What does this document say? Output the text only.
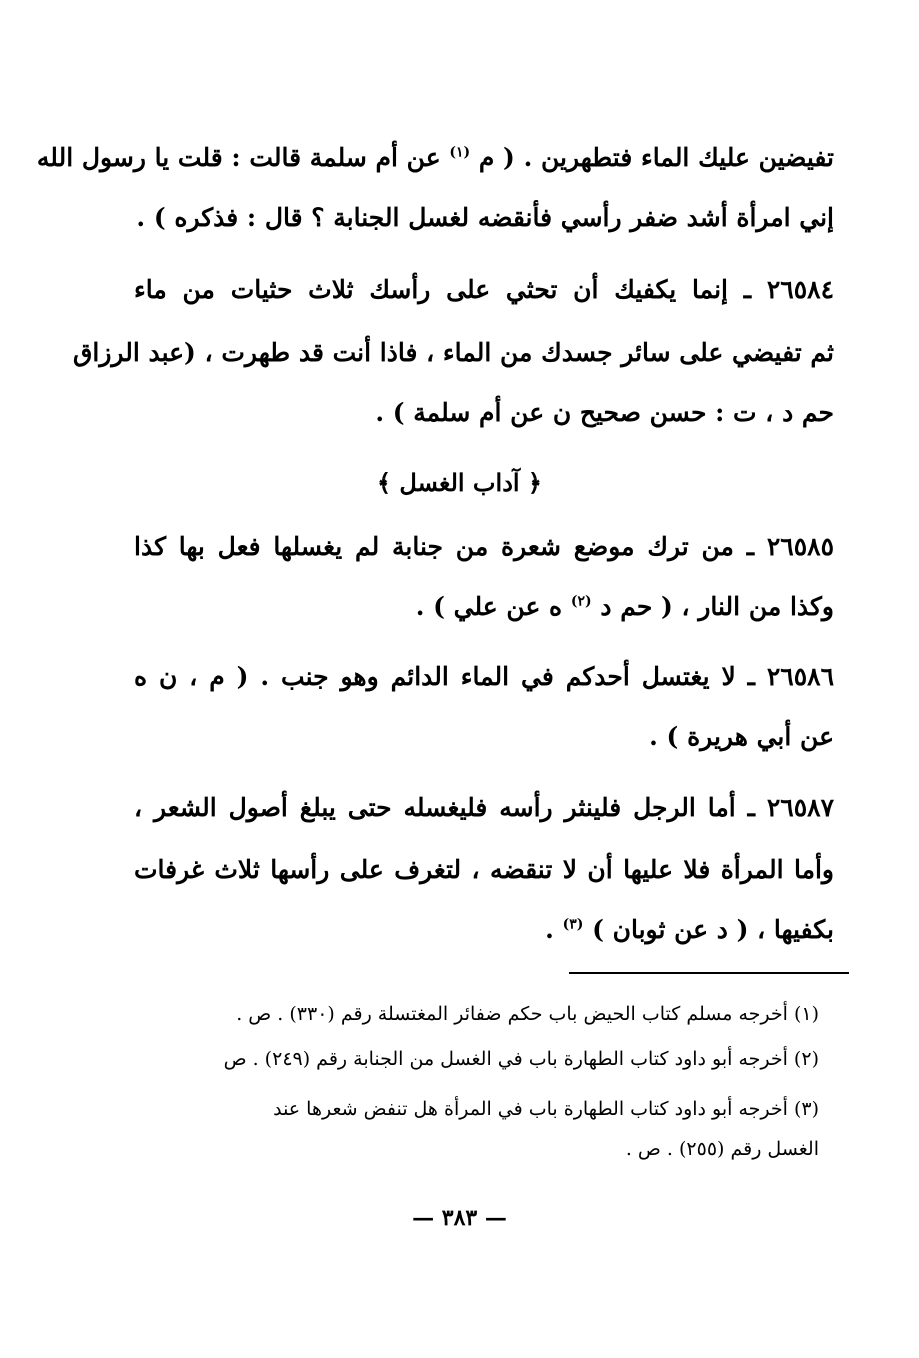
تفيضين عليك الماء فتطهرين . ( م $^{(١)}$ عن أم سلمة قالت : قلت يا رسول الله
إني امرأة أشد ضفر رأسي فأنقضه لغسل الجنابة ؟ قال : فذكره ) .
٢٦٥٨٤ ـ إنما يكفيك أن تحثي على رأسك ثلاث حثيات من ماء
ثم تفيضي على سائر جسدك من الماء ، فاذا أنت قد طهرت ، (عبد الرزاق
حم د ، ت : حسن صحيح ن عن أم سلمة ) .
﴿ آداب الغسل ﴾
٢٦٥٨٥ ـ من ترك موضع شعرة من جنابة لم يغسلها فعل بها كذا
وكذا من النار ، ( حم د $^{(٢)}$ ه عن علي ) .
٢٦٥٨٦ ـ لا يغتسل أحدكم في الماء الدائم وهو جنب . ( م ، ن ه
عن أبي هريرة ) .
٢٦٥٨٧ ـ أما الرجل فلينثر رأسه فليغسله حتى يبلغ أصول الشعر ،
وأما المرأة فلا عليها أن لا تنقضه ، لتغرف على رأسها ثلاث غرفات
بكفيها ، ( د عن ثوبان ) $^{(٣)}$ .
(١) أخرجه مسلم كتاب الحيض باب حكم ضفائر المغتسلة رقم (٣٣٠) . ص .
(٢) أخرجه أبو داود كتاب الطهارة باب في الغسل من الجنابة رقم (٢٤٩) . ص
(٣) أخرجه أبو داود كتاب الطهارة باب في المرأة هل تنفض شعرها عند
الغسل رقم (٢٥٥) . ص .
— ٣٨٣ —
